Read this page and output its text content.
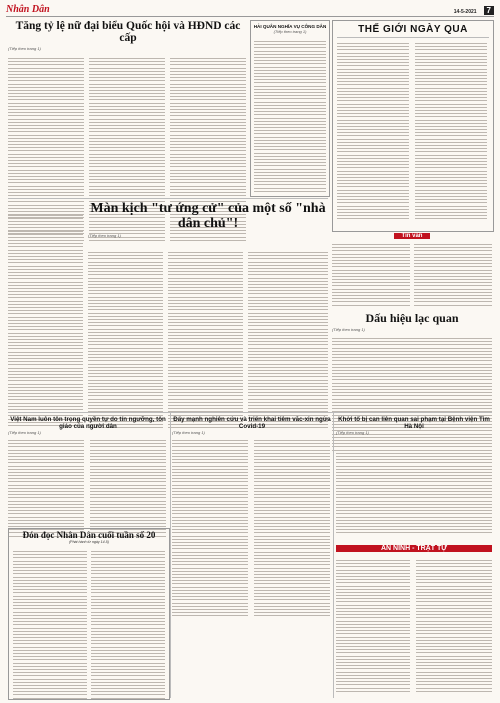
Nhân Dân	14-5-2021 7
Tăng tỷ lệ nữ đại biểu Quốc hội và HĐND các cấp
(Tiếp theo trang 1)
HẢI QUÂN NGHĨA VỤ CÔNG DÂN
(Tiếp theo trang 1)	THẾ GIỚI NGÀY QUA
Màn kịch "tư ứng cử" của một số "nhà dân chủ"!
(Tiếp theo trang 1)	Tin vắn
Dấu hiệu lạc quan
(Tiếp theo trang 1)
Việt Nam luôn tôn trọng quyền tự do tín ngưỡng, tôn giáo của người dân
(Tiếp theo trang 1)
Đẩy mạnh nghiên cứu và triển khai tiêm vắc-xin ngừa Covid-19
(Tiếp theo trang 1)
Khởi tố bị can liên quan sai phạm tại Bệnh viện Tim Hà Nội
(Tiếp theo trang 1)
Đón đọc Nhân Dân cuối tuần số 20
(Phát hành từ ngày 14-5)
AN NINH - TRẬT TỰ
